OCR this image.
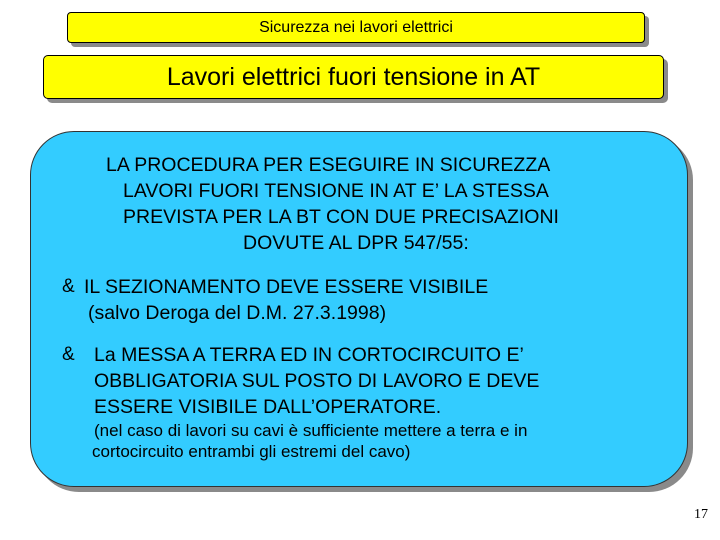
Sicurezza nei lavori elettrici
Lavori elettrici fuori tensione in AT
LA PROCEDURA PER ESEGUIRE IN SICUREZZA
LAVORI FUORI TENSIONE IN AT E’ LA STESSA
PREVISTA PER LA BT CON DUE PRECISAZIONI
DOVUTE AL DPR 547/55:
& IL SEZIONAMENTO DEVE ESSERE VISIBILE
(salvo Deroga del D.M. 27.3.1998)
& La MESSA A TERRA ED IN CORTOCIRCUITO E’
OBBLIGATORIA SUL POSTO DI LAVORO E DEVE
ESSERE VISIBILE DALL’OPERATORE.
(nel caso di lavori su cavi è sufficiente mettere a terra e in
cortocircuito entrambi gli estremi del cavo)
17
